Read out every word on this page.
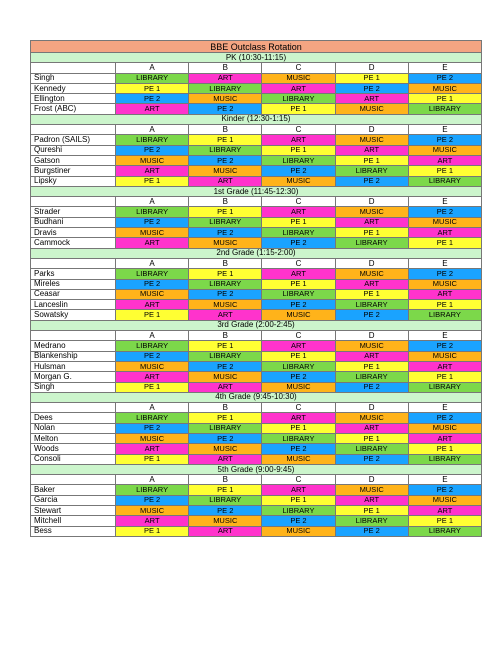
BBE Outclass Rotation					
PK (10:30-11:15)					
	A	B	C	D	E
Singh	LIBRARY	ART	MUSIC	PE 1	PE 2
Kennedy	PE 1	LIBRARY	ART	PE 2	MUSIC
Ellington	PE 2	MUSIC	LIBRARY	ART	PE 1
Frost (ABC)	ART	PE 2	PE 1	MUSIC	LIBRARY
Kinder (12:30-1:15)					
	A	B	C	D	E
Padron (SAILS)	LIBRARY	PE 1	ART	MUSIC	PE 2
Qureshi	PE 2	LIBRARY	PE 1	ART	MUSIC
Gatson	MUSIC	PE 2	LIBRARY	PE 1	ART
Burgstiner	ART	MUSIC	PE 2	LIBRARY	PE 1
Lipsky	PE 1	ART	MUSIC	PE 2	LIBRARY
1st Grade (11:45-12:30)					
	A	B	C	D	E
Strader	LIBRARY	PE 1	ART	MUSIC	PE 2
Budhani	PE 2	LIBRARY	PE 1	ART	MUSIC
Dravis	MUSIC	PE 2	LIBRARY	PE 1	ART
Cammock	ART	MUSIC	PE 2	LIBRARY	PE 1
2nd Grade (1:15-2:00)					
	A	B	C	D	E
Parks	LIBRARY	PE 1	ART	MUSIC	PE 2
Mireles	PE 2	LIBRARY	PE 1	ART	MUSIC
Ceasar	MUSIC	PE 2	LIBRARY	PE 1	ART
Lanceslin	ART	MUSIC	PE 2	LIBRARY	PE 1
Sowatsky	PE 1	ART	MUSIC	PE 2	LIBRARY
3rd Grade (2:00-2:45)					
	A	B	C	D	E
Medrano	LIBRARY	PE 1	ART	MUSIC	PE 2
Blankenship	PE 2	LIBRARY	PE 1	ART	MUSIC
Hulsman	MUSIC	PE 2	LIBRARY	PE 1	ART
Morgan G.	ART	MUSIC	PE 2	LIBRARY	PE 1
Singh	PE 1	ART	MUSIC	PE 2	LIBRARY
4th Grade (9:45-10:30)					
	A	B	C	D	E
Dees	LIBRARY	PE 1	ART	MUSIC	PE 2
Nolan	PE 2	LIBRARY	PE 1	ART	MUSIC
Melton	MUSIC	PE 2	LIBRARY	PE 1	ART
Woods	ART	MUSIC	PE 2	LIBRARY	PE 1
Consoli	PE 1	ART	MUSIC	PE 2	LIBRARY
5th Grade (9:00-9:45)					
	A	B	C	D	E
Baker	LIBRARY	PE 1	ART	MUSIC	PE 2
Garcia	PE 2	LIBRARY	PE 1	ART	MUSIC
Stewart	MUSIC	PE 2	LIBRARY	PE 1	ART
Mitchell	ART	MUSIC	PE 2	LIBRARY	PE 1
Bess	PE 1	ART	MUSIC	PE 2	LIBRARY
